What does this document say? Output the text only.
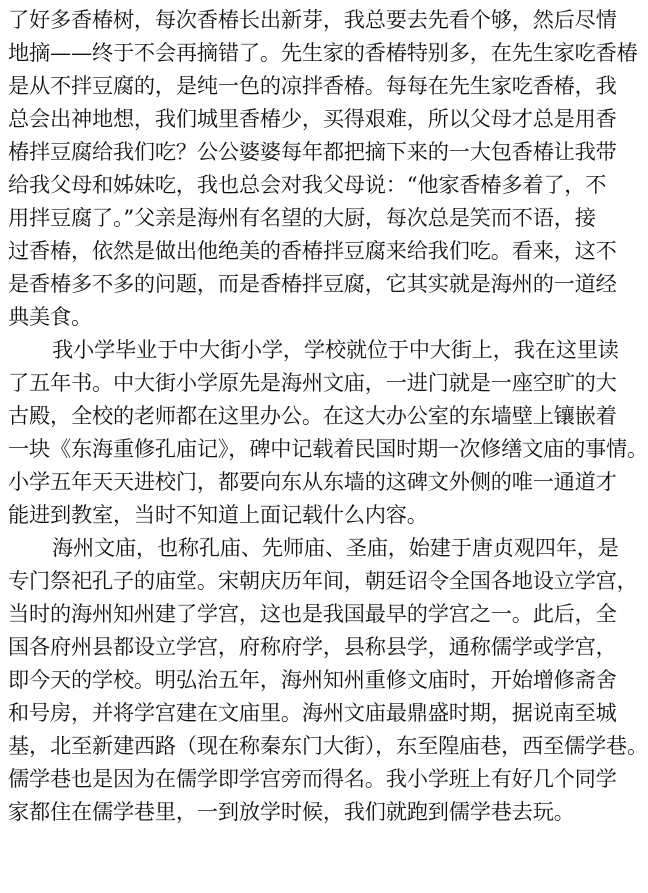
了好多香椿树，每次香椿长出新芽，我总要去先看个够，然后尽情
地摘——终于不会再摘错了。先生家的香椿特别多，在先生家吃香椿
是从不拌豆腐的，是纯一色的凉拌香椿。每每在先生家吃香椿，我
总会出神地想，我们城里香椿少，买得艰难，所以父母才总是用香
椿拌豆腐给我们吃？公公婆婆每年都把摘下来的一大包香椿让我带
给我父母和姊妹吃，我也总会对我父母说：“他家香椿多着了，不
用拌豆腐了。”父亲是海州有名望的大厨，每次总是笑而不语，接
过香椿，依然是做出他绝美的香椿拌豆腐来给我们吃。看来，这不
是香椿多不多的问题，而是香椿拌豆腐，它其实就是海州的一道经
典美食。
我小学毕业于中大街小学，学校就位于中大街上，我在这里读
了五年书。中大街小学原先是海州文庙，一进门就是一座空旷的大
古殿，全校的老师都在这里办公。在这大办公室的东墙壁上镶嵌着
一块《东海重修孔庙记》，碑中记载着民国时期一次修缮文庙的事情。
小学五年天天进校门，都要向东从东墙的这碑文外侧的唯一通道才
能进到教室，当时不知道上面记载什么内容。
海州文庙，也称孔庙、先师庙、圣庙，始建于唐贞观四年，是
专门祭祀孔子的庙堂。宋朝庆历年间，朝廷诏令全国各地设立学宫，
当时的海州知州建了学宫，这也是我国最早的学宫之一。此后，全
国各府州县都设立学宫，府称府学，县称县学，通称儒学或学宫，
即今天的学校。明弘治五年，海州知州重修文庙时，开始增修斋舍
和号房，并将学宫建在文庙里。海州文庙最鼎盛时期，据说南至城
基，北至新建西路（现在称秦东门大街），东至隍庙巷，西至儒学巷。
儒学巷也是因为在儒学即学宫旁而得名。我小学班上有好几个同学
家都住在儒学巷里，一到放学时候，我们就跑到儒学巷去玩。
